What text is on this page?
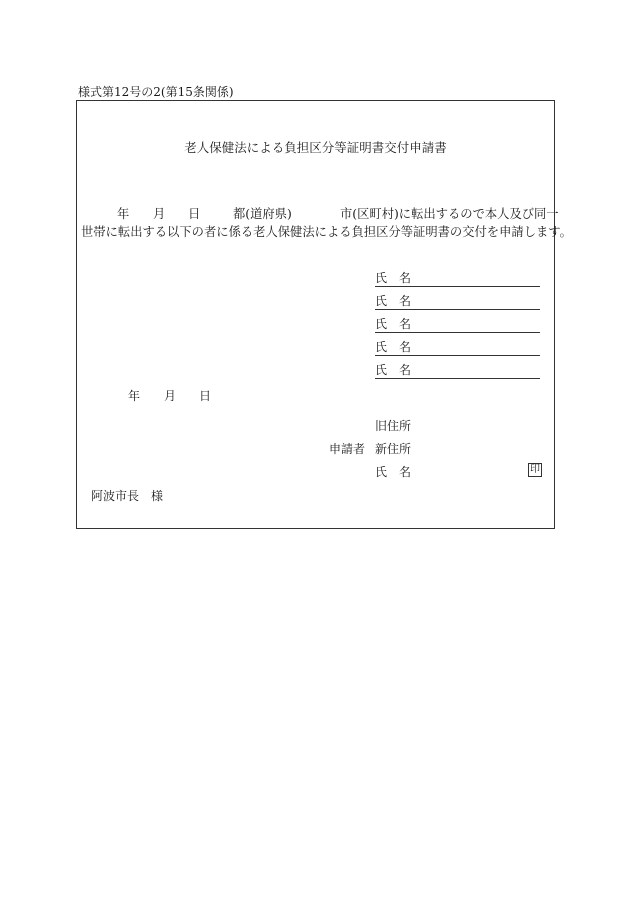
様式第12号の2(第15条関係)
老人保健法による負担区分等証明書交付申請書
年 月 日	都(道府県)	市(区町村)に転出するので本人及び同一
世帯に転出する以下の者に係る老人保健法による負担区分等証明書の交付を申請します。
氏 名
氏 名
氏 名
氏 名
氏 名
年 月 日
旧住所
申請者 新住所
氏 名	印
阿波市長　様
